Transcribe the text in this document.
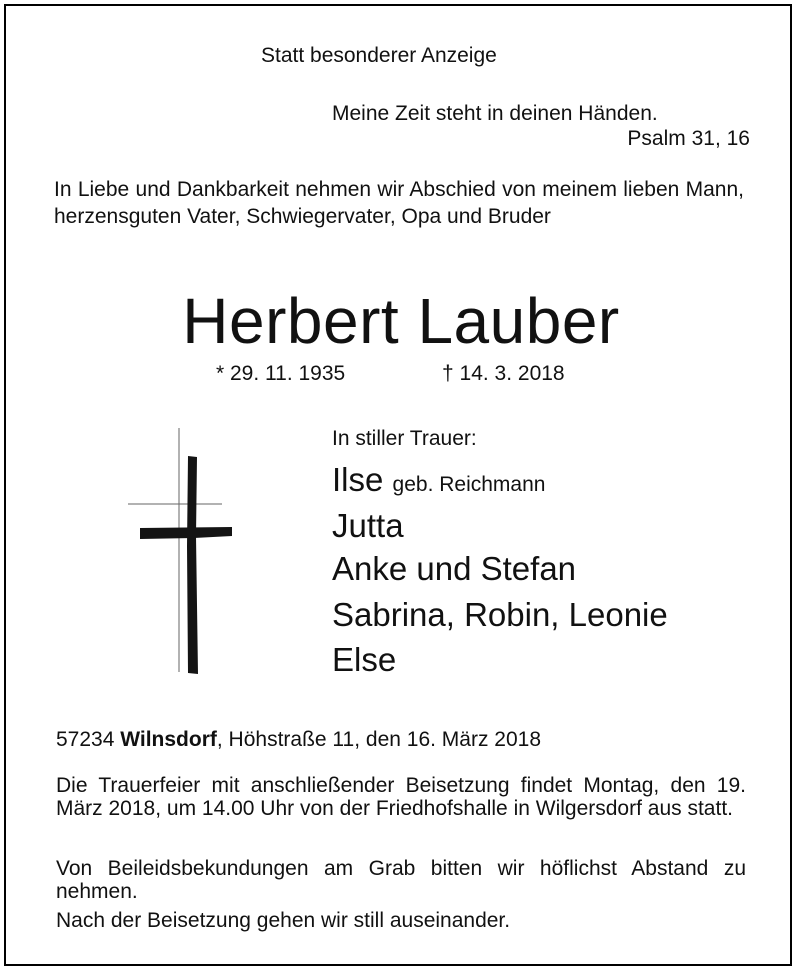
Statt besonderer Anzeige
Meine Zeit steht in deinen Händen.
Psalm 31, 16
In Liebe und Dankbarkeit nehmen wir Abschied von meinem lieben Mann, herzensguten Vater, Schwiegervater, Opa und Bruder
Herbert Lauber
* 29. 11. 1935	† 14. 3. 2018
In stiller Trauer:
Ilse geb. Reichmann
Jutta
Anke und Stefan
Sabrina, Robin, Leonie
Else
57234 Wilnsdorf, Höhstraße 11, den 16. März 2018
Die Trauerfeier mit anschließender Beisetzung findet Montag, den 19. März 2018, um 14.00 Uhr von der Friedhofshalle in Wilgersdorf aus statt.
Von Beileidsbekundungen am Grab bitten wir höflichst Abstand zu nehmen.
Nach der Beisetzung gehen wir still auseinander.
